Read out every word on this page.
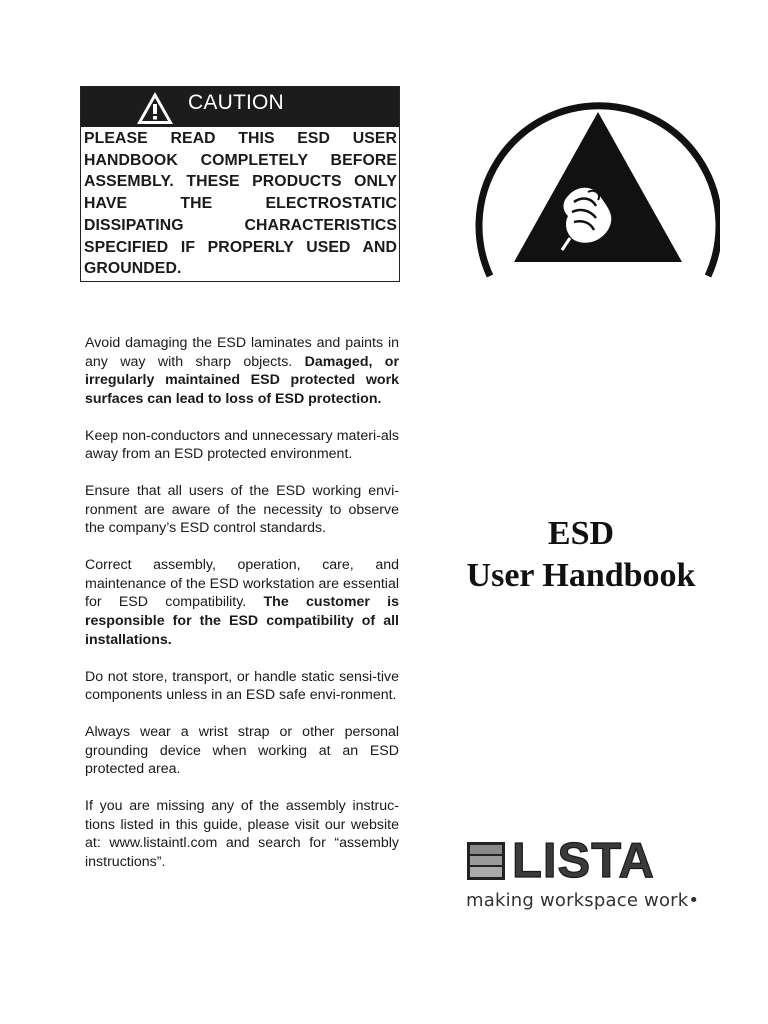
CAUTION
PLEASE READ THIS ESD USER HANDBOOK COMPLETELY BEFORE ASSEMBLY. THESE PRODUCTS ONLY HAVE THE ELECTROSTATIC DISSIPATING CHARACTERISTICS SPECIFIED IF PROPERLY USED AND GROUNDED.

Avoid damaging the ESD laminates and paints in any way with sharp objects. Damaged, or irregularly maintained ESD protected work surfaces can lead to loss of ESD protection.

Keep non-conductors and unnecessary materi-als away from an ESD protected environment.

Ensure that all users of the ESD working envi-ronment are aware of the necessity to observe the company’s ESD control standards.

Correct assembly, operation, care, and maintenance of the ESD workstation are essential for ESD compatibility. The customer is responsible for the ESD compatibility of all installations.

Do not store, transport, or handle static sensi-tive components unless in an ESD safe envi-ronment.

Always wear a wrist strap or other personal grounding device when working at an ESD protected area.

If you are missing any of the assembly instruc-tions listed in this guide, please visit our website at: www.listaintl.com and search for “assembly instructions”.

ESD
User Handbook
LISTA
making workspace work•
